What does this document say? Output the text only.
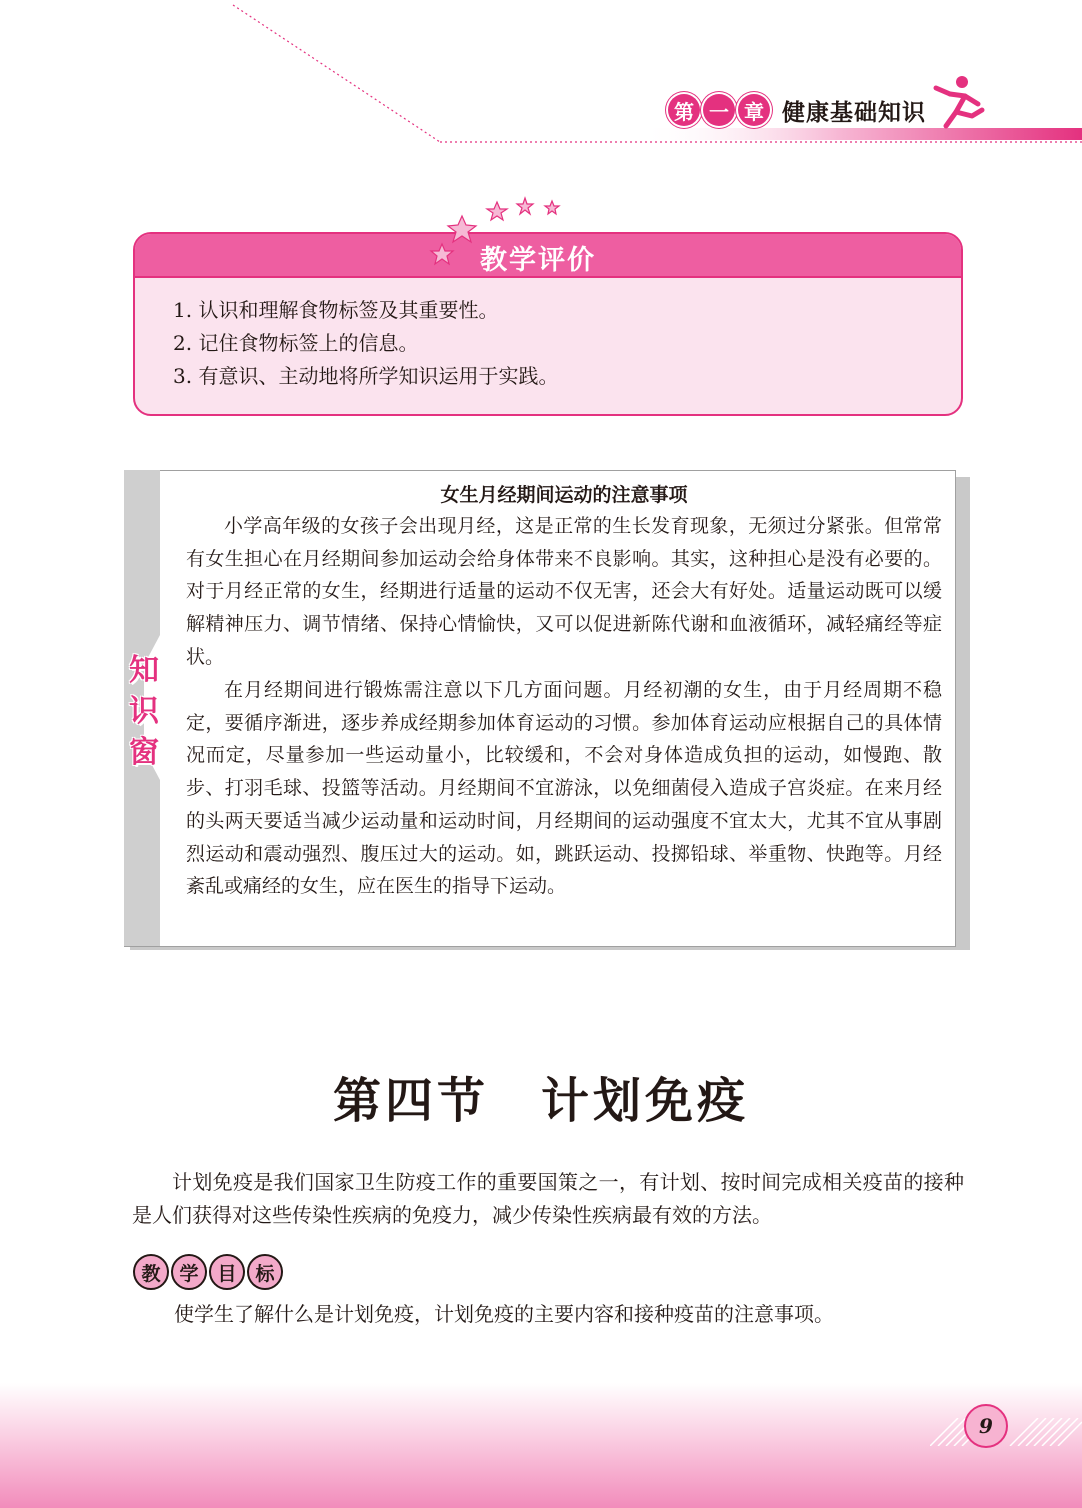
第 一 章 健康基础知识
教学评价
1. 认识和理解食物标签及其重要性。
2. 记住食物标签上的信息。
3. 有意识、主动地将所学知识运用于实践。
知
识
窗
女生月经期间运动的注意事项

小学高年级的女孩子会出现月经，这是正常的生长发育现象，无须过分紧张。但常常有女生担心在月经期间参加运动会给身体带来不良影响。其实，这种担心是没有必要的。对于月经正常的女生，经期进行适量的运动不仅无害，还会大有好处。适量运动既可以缓解精神压力、调节情绪、保持心情愉快，又可以促进新陈代谢和血液循环，减轻痛经等症状。

在月经期间进行锻炼需注意以下几方面问题。月经初潮的女生，由于月经周期不稳定，要循序渐进，逐步养成经期参加体育运动的习惯。参加体育运动应根据自己的具体情况而定，尽量参加一些运动量小，比较缓和，不会对身体造成负担的运动，如慢跑、散步、打羽毛球、投篮等活动。月经期间不宜游泳，以免细菌侵入造成子宫炎症。在来月经的头两天要适当减少运动量和运动时间，月经期间的运动强度不宜太大，尤其不宜从事剧烈运动和震动强烈、腹压过大的运动。如，跳跃运动、投掷铅球、举重物、快跑等。月经紊乱或痛经的女生，应在医生的指导下运动。

第四节　计划免疫

计划免疫是我们国家卫生防疫工作的重要国策之一，有计划、按时间完成相关疫苗的接种是人们获得对这些传染性疾病的免疫力，减少传染性疾病最有效的方法。

教 学 目 标

使学生了解什么是计划免疫，计划免疫的主要内容和接种疫苗的注意事项。

9
